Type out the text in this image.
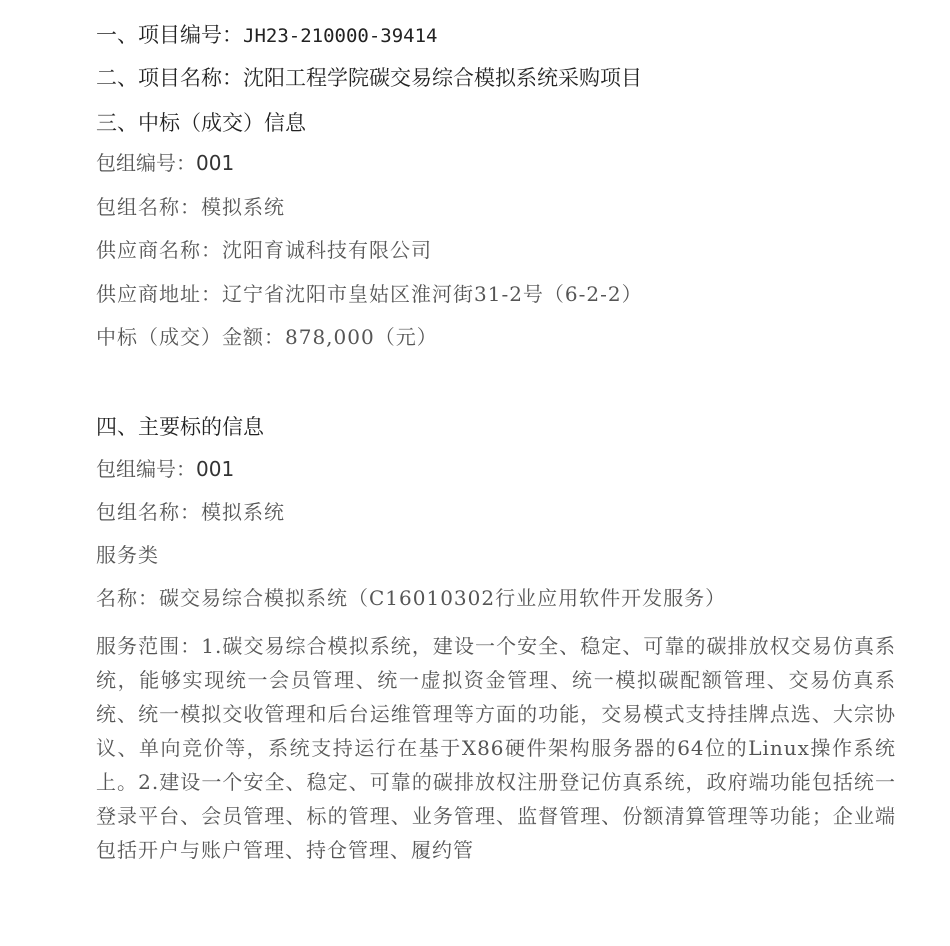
一、项目编号：JH23-210000-39414
二、项目名称：沈阳工程学院碳交易综合模拟系统采购项目
三、中标（成交）信息
包组编号：001
包组名称：模拟系统
供应商名称：沈阳育诚科技有限公司
供应商地址：辽宁省沈阳市皇姑区淮河街31-2号（6-2-2）
中标（成交）金额：878,000（元）
四、主要标的信息
包组编号：001
包组名称：模拟系统
服务类
名称：碳交易综合模拟系统（C16010302行业应用软件开发服务）

服务范围：1.碳交易综合模拟系统，建设一个安全、稳定、可靠的碳排放权交易仿真系统，能够实现统一会员管理、统一虚拟资金管理、统一模拟碳配额管理、交易仿真系统、统一模拟交收管理和后台运维管理等方面的功能，交易模式支持挂牌点选、大宗协议、单向竞价等，系统支持运行在基于X86硬件架构服务器的64位的Linux操作系统上。2.建设一个安全、稳定、可靠的碳排放权注册登记仿真系统，政府端功能包括统一登录平台、会员管理、标的管理、业务管理、监督管理、份额清算管理等功能；企业端包括开户与账户管理、持仓管理、履约管
